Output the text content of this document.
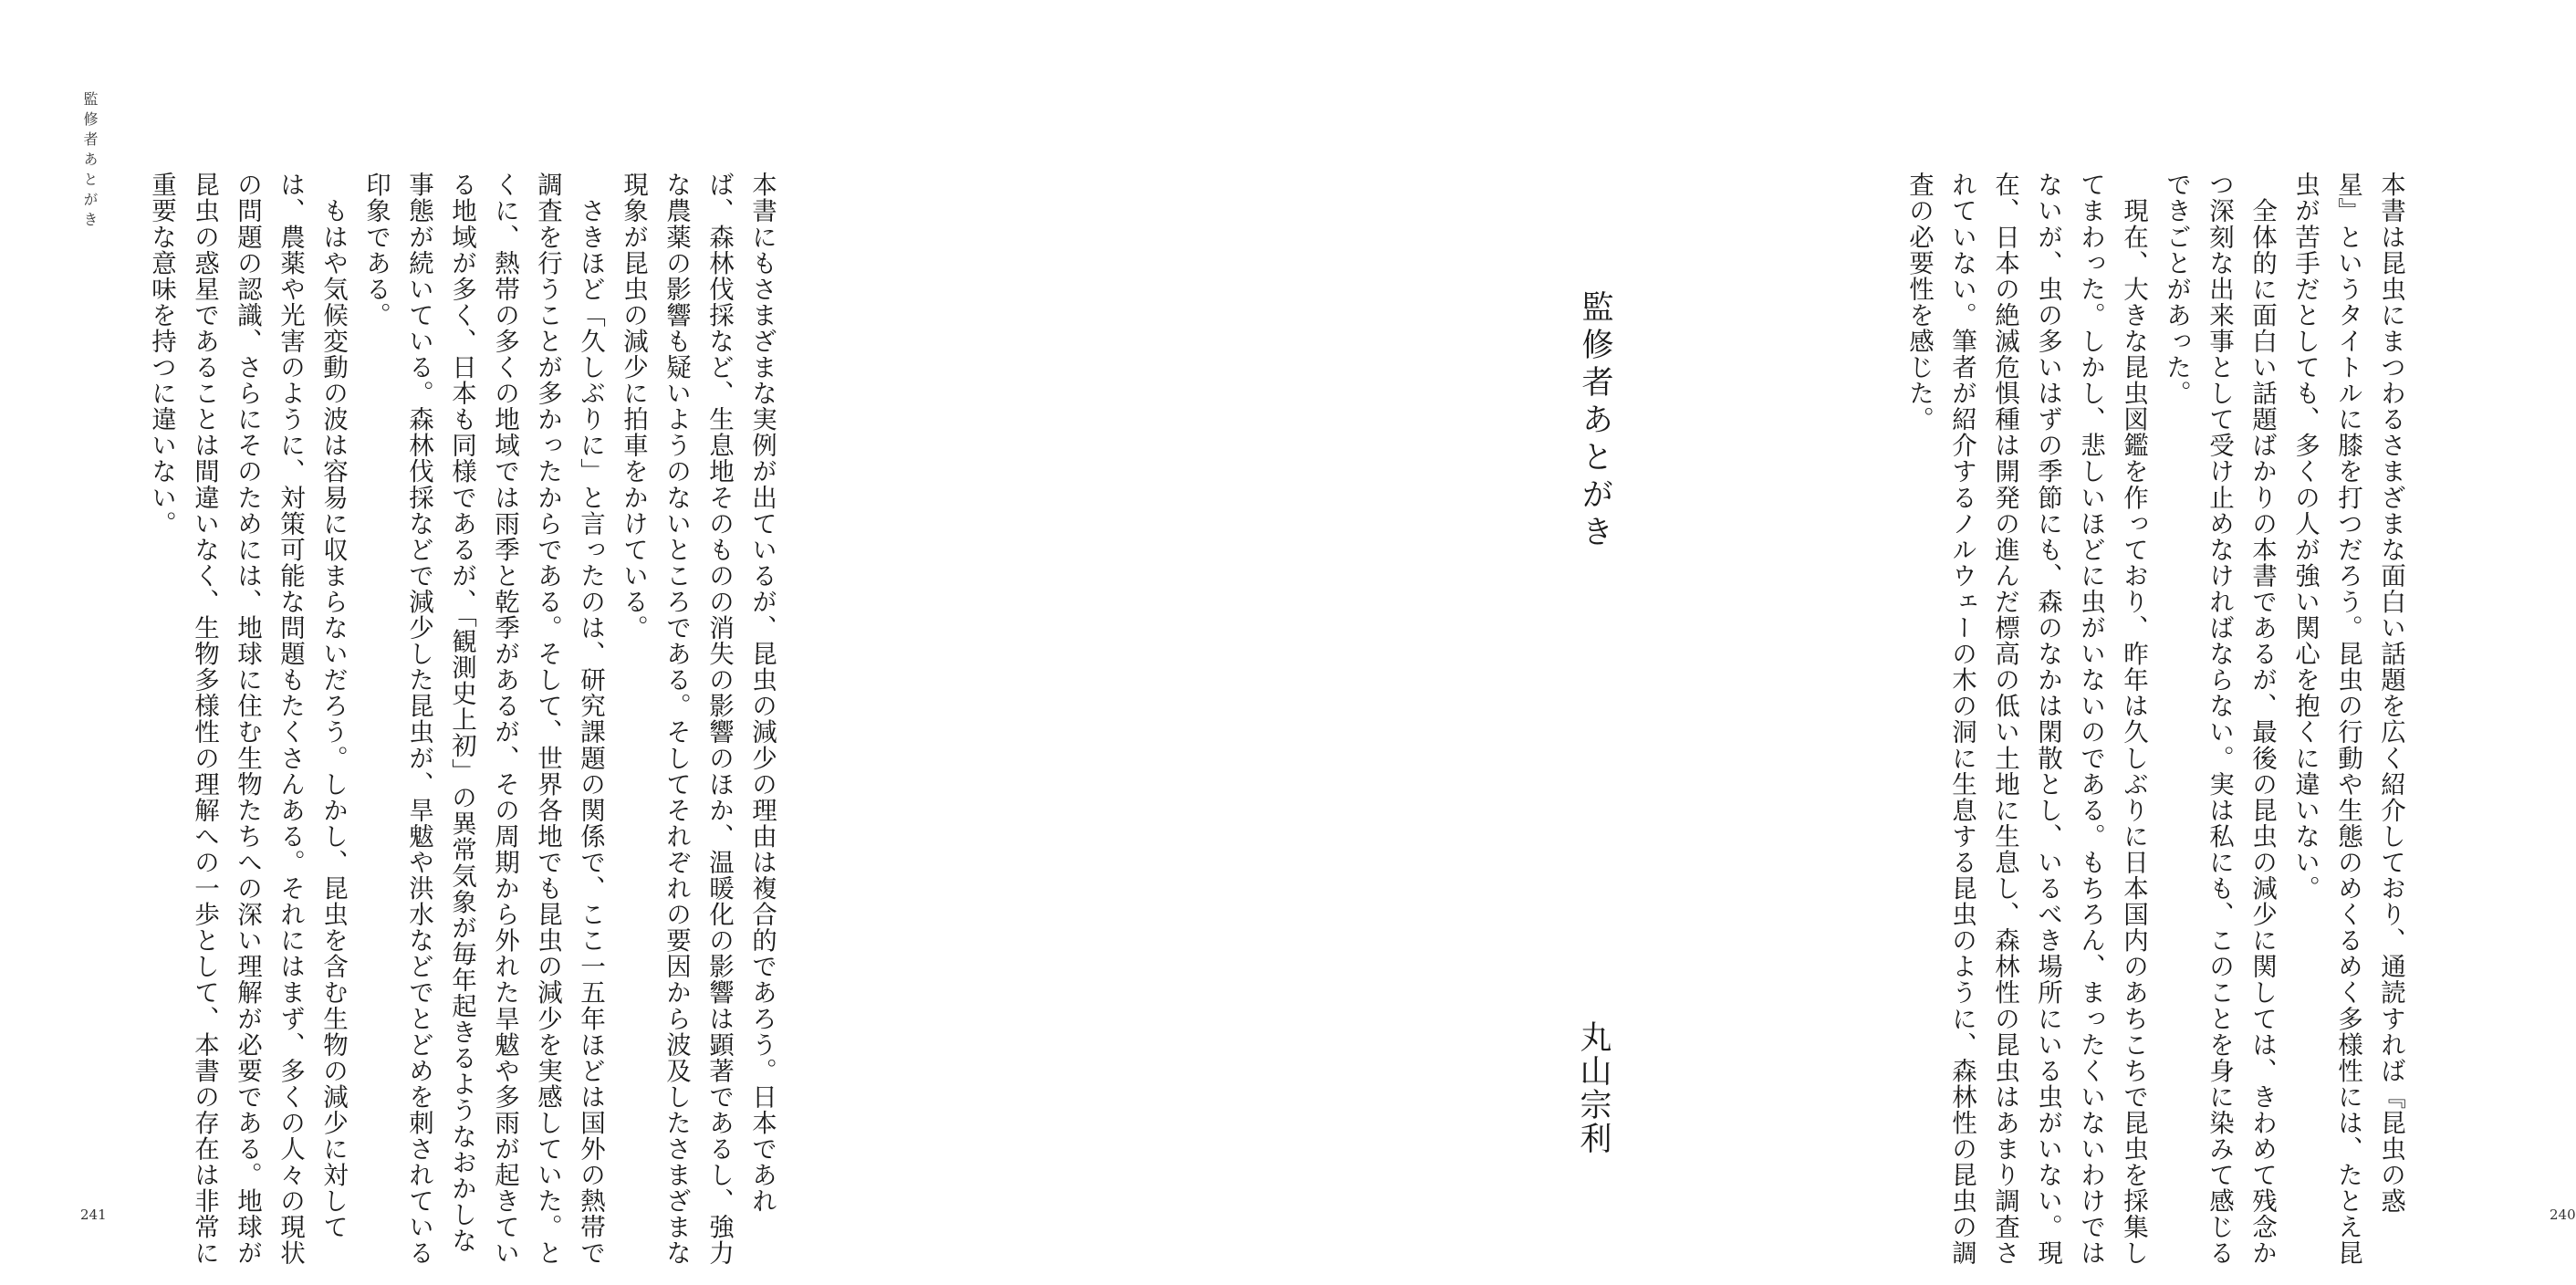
監修者あとがき
本書にもさまざまな実例が出ているが、昆虫の減少の理由は複合的であろう。日本であれ
ば、森林伐採など、生息地そのものの消失の影響のほか、温暖化の影響は顕著であるし、強力
な農薬の影響も疑いようのないところである。そしてそれぞれの要因から波及したさまざまな
現象が昆虫の減少に拍車をかけている。
　さきほど「久しぶりに」と言ったのは、研究課題の関係で、ここ一五年ほどは国外の熱帯で
調査を行うことが多かったからである。そして、世界各地でも昆虫の減少を実感していた。と
くに、熱帯の多くの地域では雨季と乾季があるが、その周期から外れた旱魃や多雨が起きてい
る地域が多く、日本も同様であるが、「観測史上初」の異常気象が毎年起きるようなおかしな
事態が続いている。森林伐採などで減少した昆虫が、旱魃や洪水などでとどめを刺されている
印象である。
　もはや気候変動の波は容易に収まらないだろう。しかし、昆虫を含む生物の減少に対して
は、農薬や光害のように、対策可能な問題もたくさんある。それにはまず、多くの人々の現状
の問題の認識、さらにそのためには、地球に住む生物たちへの深い理解が必要である。地球が
昆虫の惑星であることは間違いなく、生物多様性の理解への一歩として、本書の存在は非常に
重要な意味を持つに違いない。
241
本書は昆虫にまつわるさまざまな面白い話題を広く紹介しており、通読すれば『昆虫の惑
星』というタイトルに膝を打つだろう。昆虫の行動や生態のめくるめく多様性には、たとえ昆
虫が苦手だとしても、多くの人が強い関心を抱くに違いない。
　全体的に面白い話題ばかりの本書であるが、最後の昆虫の減少に関しては、きわめて残念か
つ深刻な出来事として受け止めなければならない。実は私にも、このことを身に染みて感じる
できごとがあった。
　現在、大きな昆虫図鑑を作っており、昨年は久しぶりに日本国内のあちこちで昆虫を採集し
てまわった。しかし、悲しいほどに虫がいないのである。もちろん、まったくいないわけでは
ないが、虫の多いはずの季節にも、森のなかは閑散とし、いるべき場所にいる虫がいない。現
在、日本の絶滅危惧種は開発の進んだ標高の低い土地に生息し、森林性の昆虫はあまり調査さ
れていない。筆者が紹介するノルウェーの木の洞に生息する昆虫のように、森林性の昆虫の調
査の必要性を感じた。
240
監修者あとがき
丸山宗利
